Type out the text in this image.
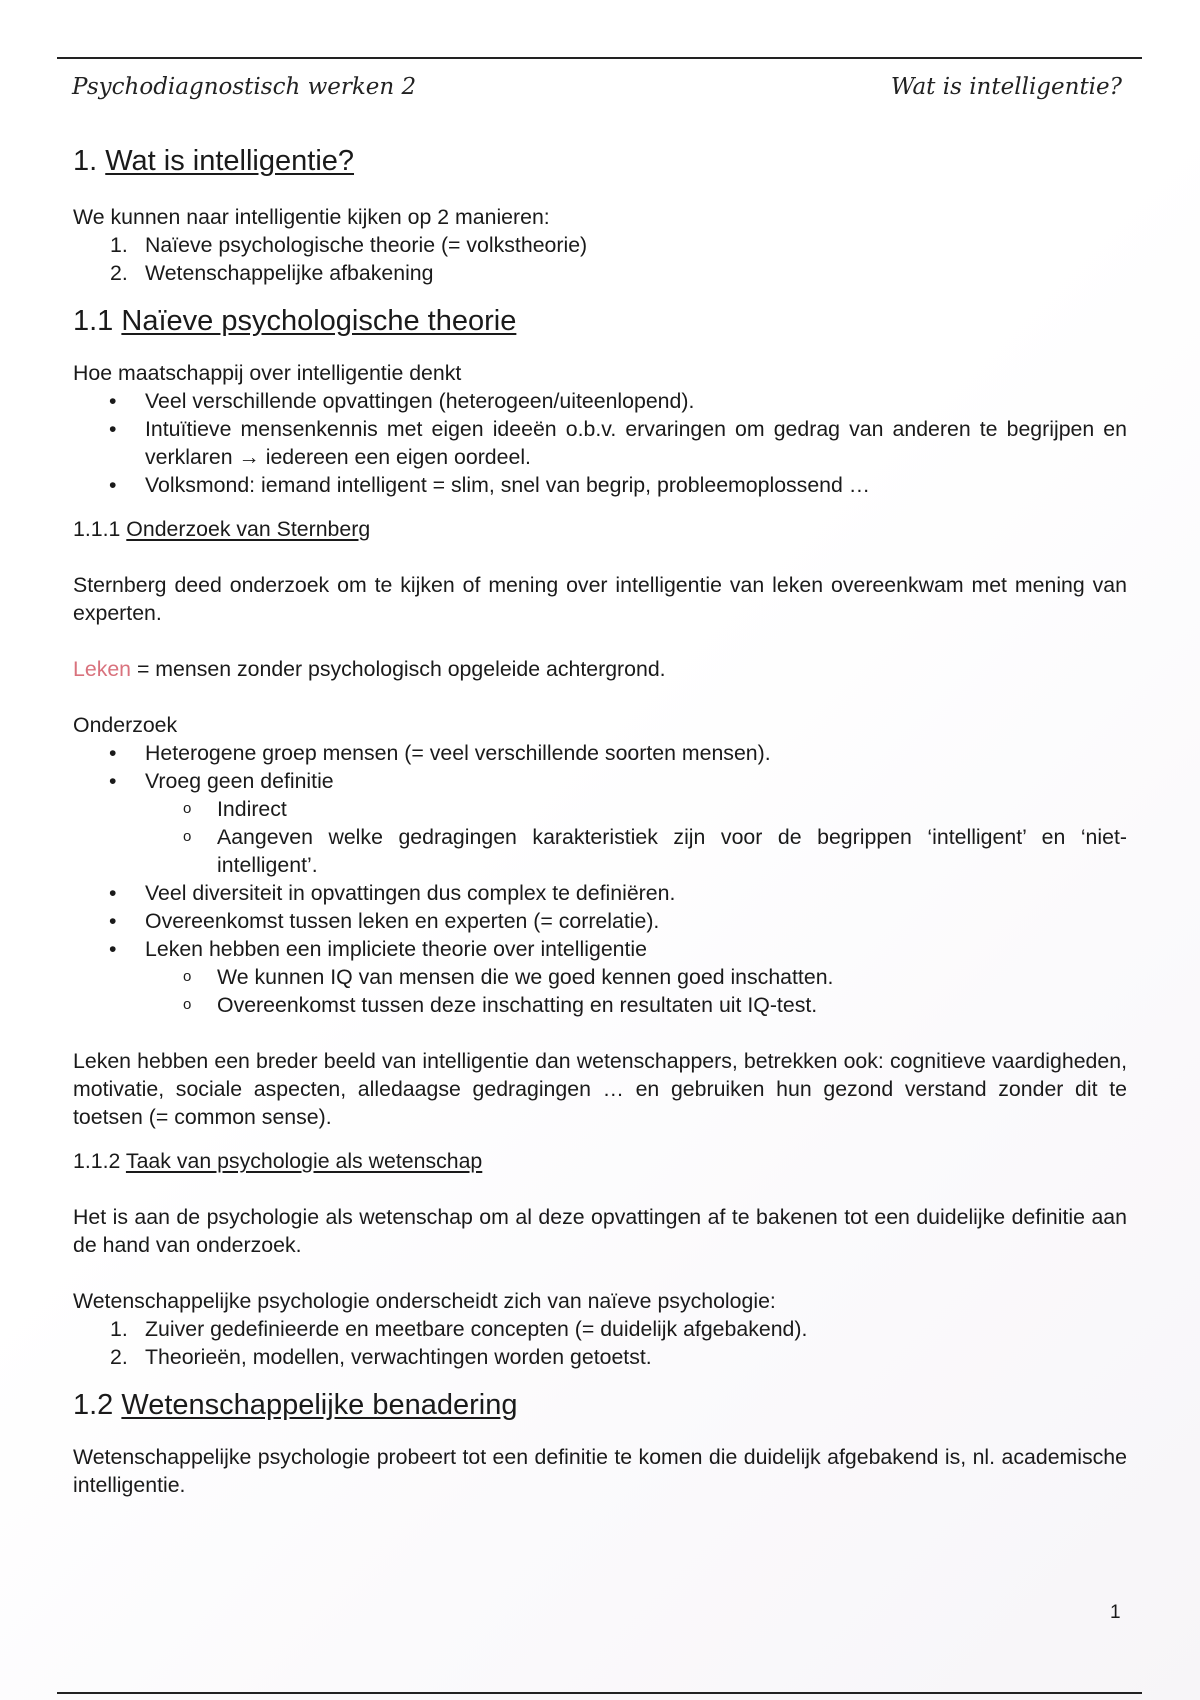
Psychodiagnostisch werken 2	Wat is intelligentie?
1. Wat is intelligentie?

We kunnen naar intelligentie kijken op 2 manieren:

1. Naïeve psychologische theorie (= volkstheorie)
2. Wetenschappelijke afbakening
1.1 Naïeve psychologische theorie

Hoe maatschappij over intelligentie denkt

• Veel verschillende opvattingen (heterogeen/uiteenlopend).
• Intuïtieve mensenkennis met eigen ideeën o.b.v. ervaringen om gedrag van anderen te begrijpen en verklaren → iedereen een eigen oordeel.
• Volksmond: iemand intelligent = slim, snel van begrip, probleemoplossend …
1.1.1 Onderzoek van Sternberg

Sternberg deed onderzoek om te kijken of mening over intelligentie van leken overeenkwam met mening van experten.

Leken = mensen zonder psychologisch opgeleide achtergrond.

Onderzoek

• Heterogene groep mensen (= veel verschillende soorten mensen).
• Vroeg geen definitie
o Indirect
o Aangeven welke gedragingen karakteristiek zijn voor de begrippen ‘intelligent’ en ‘niet-intelligent’.
• Veel diversiteit in opvattingen dus complex te definiëren.
• Overeenkomst tussen leken en experten (= correlatie).
• Leken hebben een impliciete theorie over intelligentie
o We kunnen IQ van mensen die we goed kennen goed inschatten.
o Overeenkomst tussen deze inschatting en resultaten uit IQ-test.

Leken hebben een breder beeld van intelligentie dan wetenschappers, betrekken ook: cognitieve vaardigheden, motivatie, sociale aspecten, alledaagse gedragingen … en gebruiken hun gezond verstand zonder dit te toetsen (= common sense).

1.1.2 Taak van psychologie als wetenschap

Het is aan de psychologie als wetenschap om al deze opvattingen af te bakenen tot een duidelijke definitie aan de hand van onderzoek.

Wetenschappelijke psychologie onderscheidt zich van naïeve psychologie:

1. Zuiver gedefinieerde en meetbare concepten (= duidelijk afgebakend).
2. Theorieën, modellen, verwachtingen worden getoetst.
1.2 Wetenschappelijke benadering

Wetenschappelijke psychologie probeert tot een definitie te komen die duidelijk afgebakend is, nl. academische intelligentie.

1
